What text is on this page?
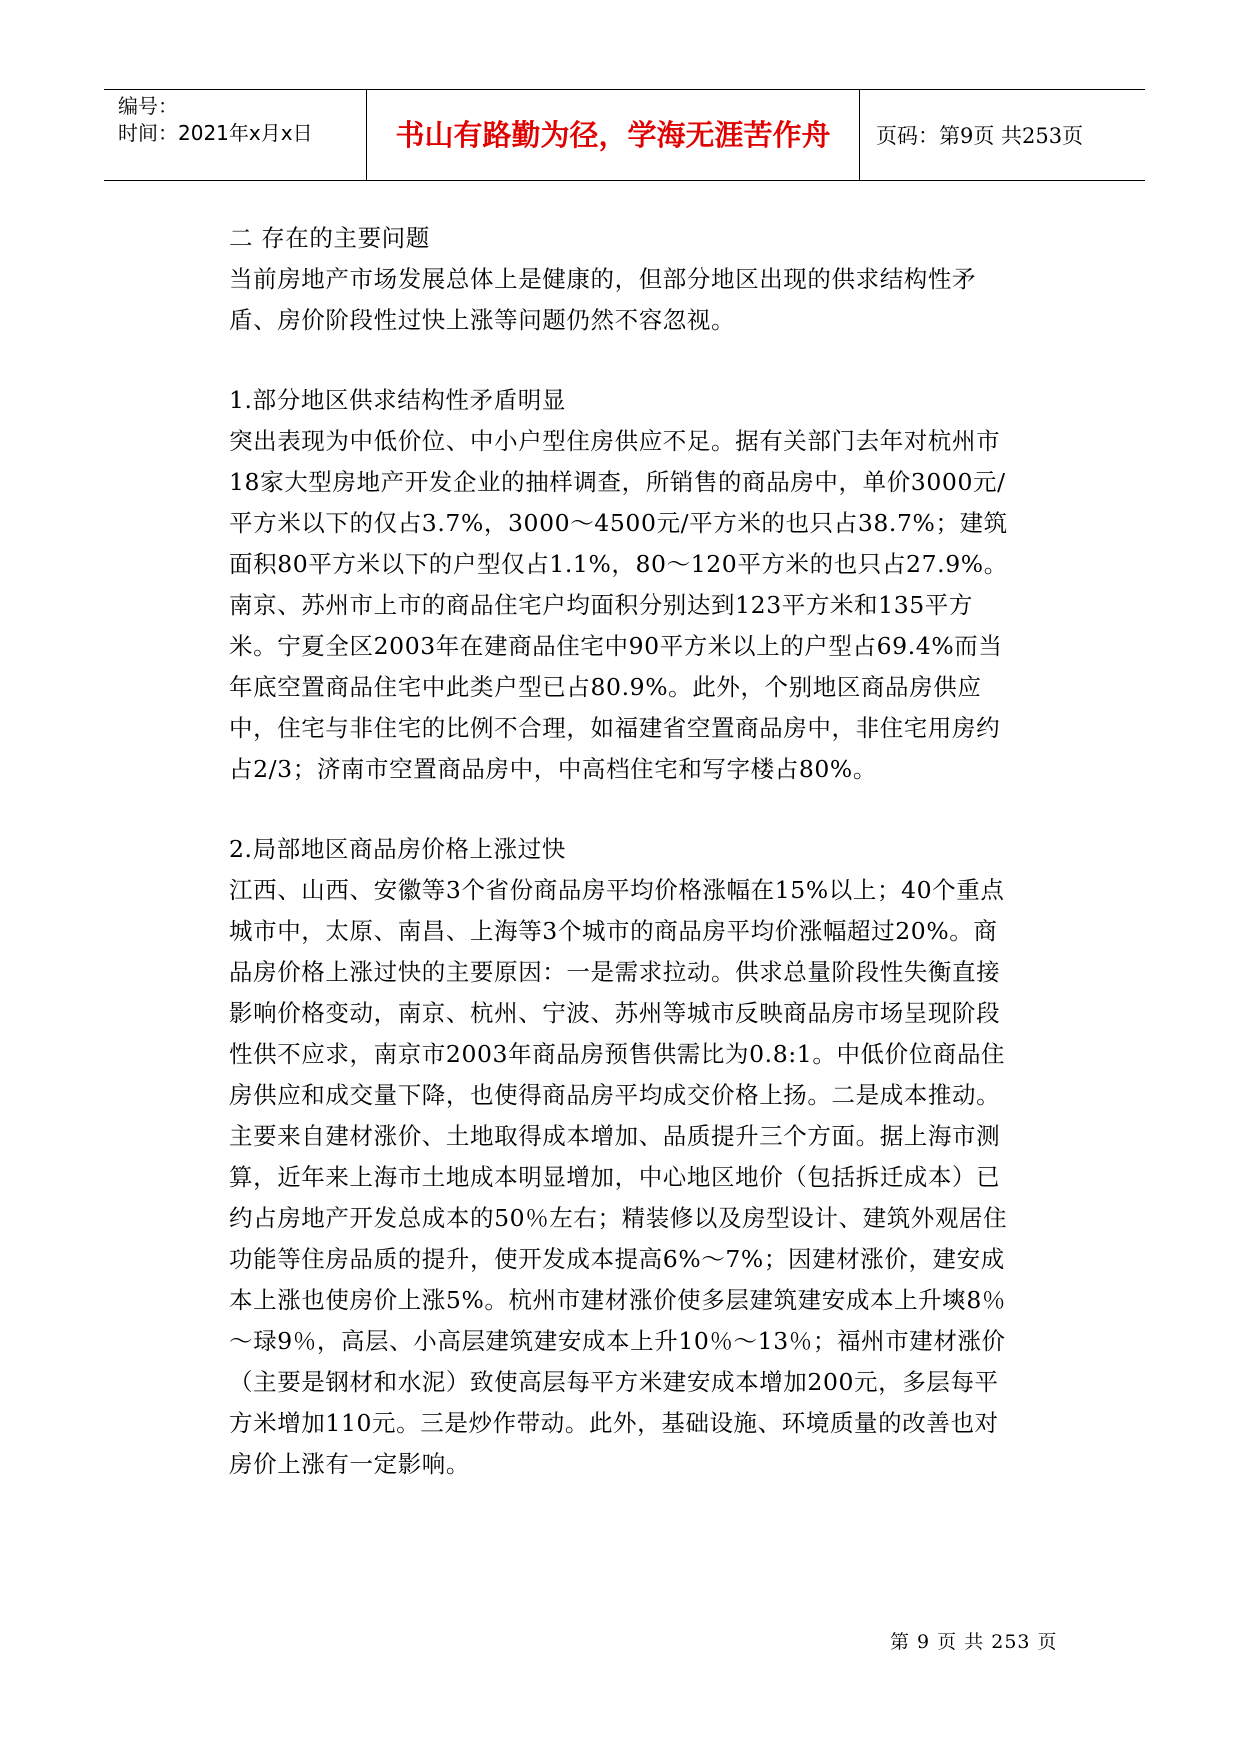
编号：
时间：2021年x月x日	书山有路勤为径，学海无涯苦作舟	页码：第9页 共253页

二 存在的主要问题

当前房地产市场发展总体上是健康的，但部分地区出现的供求结构性矛盾、房价阶段性过快上涨等问题仍然不容忽视。

1.部分地区供求结构性矛盾明显

突出表现为中低价位、中小户型住房供应不足。据有关部门去年对杭州市18家大型房地产开发企业的抽样调查，所销售的商品房中，单价3000元/平方米以下的仅占3.7%，3000～4500元/平方米的也只占38.7%；建筑面积80平方米以下的户型仅占1.1%，80～120平方米的也只占27.9%。南京、苏州市上市的商品住宅户均面积分别达到123平方米和135平方米。宁夏全区2003年在建商品住宅中90平方米以上的户型占69.4%而当年底空置商品住宅中此类户型已占80.9%。此外，个别地区商品房供应中，住宅与非住宅的比例不合理，如福建省空置商品房中，非住宅用房约占2/3；济南市空置商品房中，中高档住宅和写字楼占80%。

2.局部地区商品房价格上涨过快

江西、山西、安徽等3个省份商品房平均价格涨幅在15%以上；40个重点城市中，太原、南昌、上海等3个城市的商品房平均价涨幅超过20%。商品房价格上涨过快的主要原因：一是需求拉动。供求总量阶段性失衡直接影响价格变动，南京、杭州、宁波、苏州等城市反映商品房市场呈现阶段性供不应求，南京市2003年商品房预售供需比为0.8:1。中低价位商品住房供应和成交量下降，也使得商品房平均成交价格上扬。二是成本推动。主要来自建材涨价、土地取得成本增加、品质提升三个方面。据上海市测算，近年来上海市土地成本明显增加，中心地区地价（包括拆迁成本）已约占房地产开发总成本的50％左右；精装修以及房型设计、建筑外观居住功能等住房品质的提升，使开发成本提高6%～7%；因建材涨价，建安成本上涨也使房价上涨5%。杭州市建材涨价使多层建筑建安成本上升塽8％～琭9％，高层、小高层建筑建安成本上升10％～13％；福州市建材涨价（主要是钢材和水泥）致使高层每平方米建安成本增加200元，多层每平方米增加110元。三是炒作带动。此外，基础设施、环境质量的改善也对房价上涨有一定影响。

第 9 页 共 253 页
